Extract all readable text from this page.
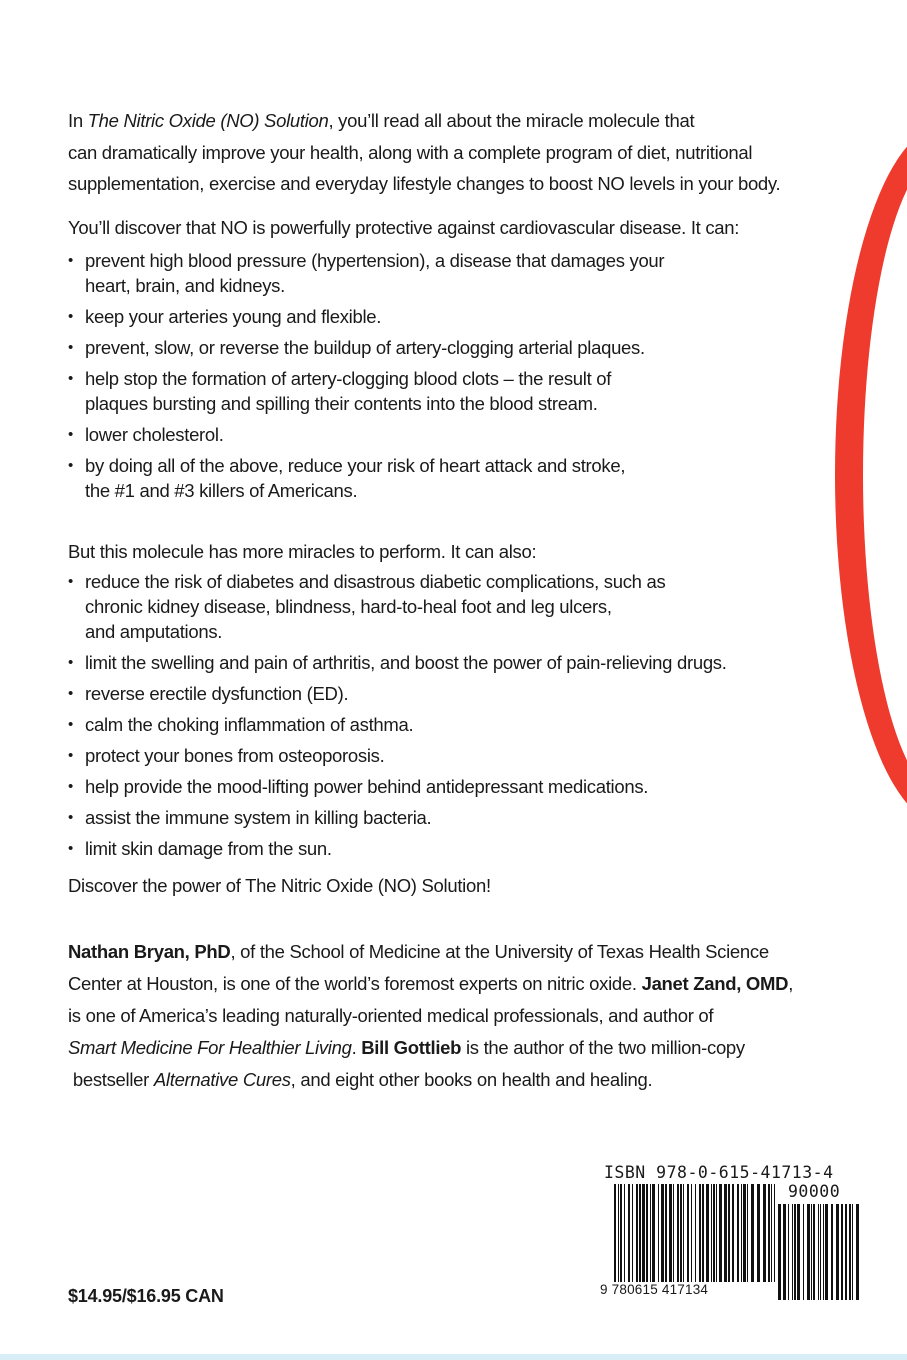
In The Nitric Oxide (NO) Solution, you’ll read all about the miracle molecule that
can dramatically improve your health, along with a complete program of diet, nutritional
supplementation, exercise and everyday lifestyle changes to boost NO levels in your body.

You’ll discover that NO is powerfully protective against cardiovascular disease. It can:

• prevent high blood pressure (hypertension), a disease that damages your
heart, brain, and kidneys.
• keep your arteries young and flexible.
• prevent, slow, or reverse the buildup of artery-clogging arterial plaques.
• help stop the formation of artery-clogging blood clots – the result of
plaques bursting and spilling their contents into the blood stream.
• lower cholesterol.
• by doing all of the above, reduce your risk of heart attack and stroke,
the #1 and #3 killers of Americans.

But this molecule has more miracles to perform. It can also:

• reduce the risk of diabetes and disastrous diabetic complications, such as
chronic kidney disease, blindness, hard-to-heal foot and leg ulcers,
and amputations.
• limit the swelling and pain of arthritis, and boost the power of pain-relieving drugs.
• reverse erectile dysfunction (ED).
• calm the choking inflammation of asthma.
• protect your bones from osteoporosis.
• help provide the mood-lifting power behind antidepressant medications.
• assist the immune system in killing bacteria.
• limit skin damage from the sun.

Discover the power of The Nitric Oxide (NO) Solution!

Nathan Bryan, PhD, of the School of Medicine at the University of Texas Health Science
Center at Houston, is one of the world’s foremost experts on nitric oxide. Janet Zand, OMD,
is one of America’s leading naturally-oriented medical professionals, and author of
Smart Medicine For Healthier Living. Bill Gottlieb is the author of the two million-copy
bestseller Alternative Cures, and eight other books on health and healing.

$14.95/$16.95 CAN
ISBN 978-0-615-41713-4
90000
9 780615 417134
